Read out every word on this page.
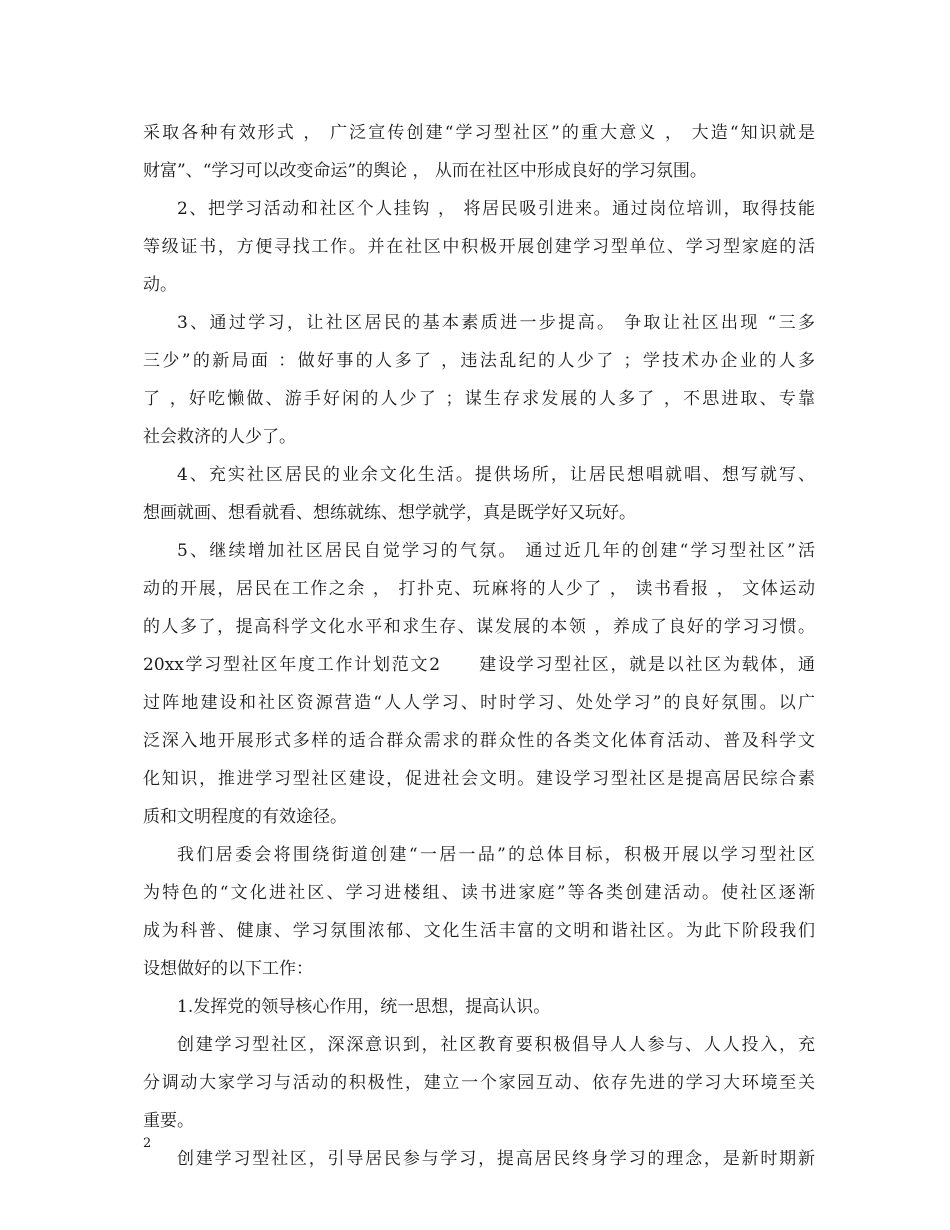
采取各种有效形式 ， 广泛宣传创建“学习型社区”的重大意义 ， 大造“知识就是
财富”、“学习可以改变命运”的舆论 ， 从而在社区中形成良好的学习氛围。
2、把学习活动和社区个人挂钩 ， 将居民吸引进来。通过岗位培训，取得技能
等级证书，方便寻找工作。并在社区中积极开展创建学习型单位、学习型家庭的活
动。
3、通过学习，让社区居民的基本素质进一步提高。 争取让社区出现 “三多
三少”的新局面 ：做好事的人多了 ，违法乱纪的人少了 ；学技术办企业的人多
了 ，好吃懒做、游手好闲的人少了 ；谋生存求发展的人多了 ，不思进取、专靠
社会救济的人少了。
4、充实社区居民的业余文化生活。提供场所，让居民想唱就唱、想写就写、
想画就画、想看就看、想练就练、想学就学，真是既学好又玩好。
5、继续增加社区居民自觉学习的气氛。 通过近几年的创建“学习型社区”活
动的开展，居民在工作之余 ， 打扑克、玩麻将的人少了 ， 读书看报 ， 文体运动
的人多了，提高科学文化水平和求生存、谋发展的本领 ，养成了良好的学习习惯。
20xx学习型社区年度工作计划范文2　　建设学习型社区，就是以社区为载体，通
过阵地建设和社区资源营造“人人学习、时时学习、处处学习”的良好氛围。以广
泛深入地开展形式多样的适合群众需求的群众性的各类文化体育活动、普及科学文
化知识，推进学习型社区建设，促进社会文明。建设学习型社区是提高居民综合素
质和文明程度的有效途径。
我们居委会将围绕街道创建“一居一品”的总体目标，积极开展以学习型社区
为特色的“文化进社区、学习进楼组、读书进家庭”等各类创建活动。使社区逐渐
成为科普、健康、学习氛围浓郁、文化生活丰富的文明和谐社区。为此下阶段我们
设想做好的以下工作：
1.发挥党的领导核心作用，统一思想，提高认识。
创建学习型社区，深深意识到，社区教育要积极倡导人人参与、人人投入，充
分调动大家学习与活动的积极性，建立一个家园互动、依存先进的学习大环境至关
重要。
创建学习型社区，引导居民参与学习，提高居民终身学习的理念，是新时期新
2
